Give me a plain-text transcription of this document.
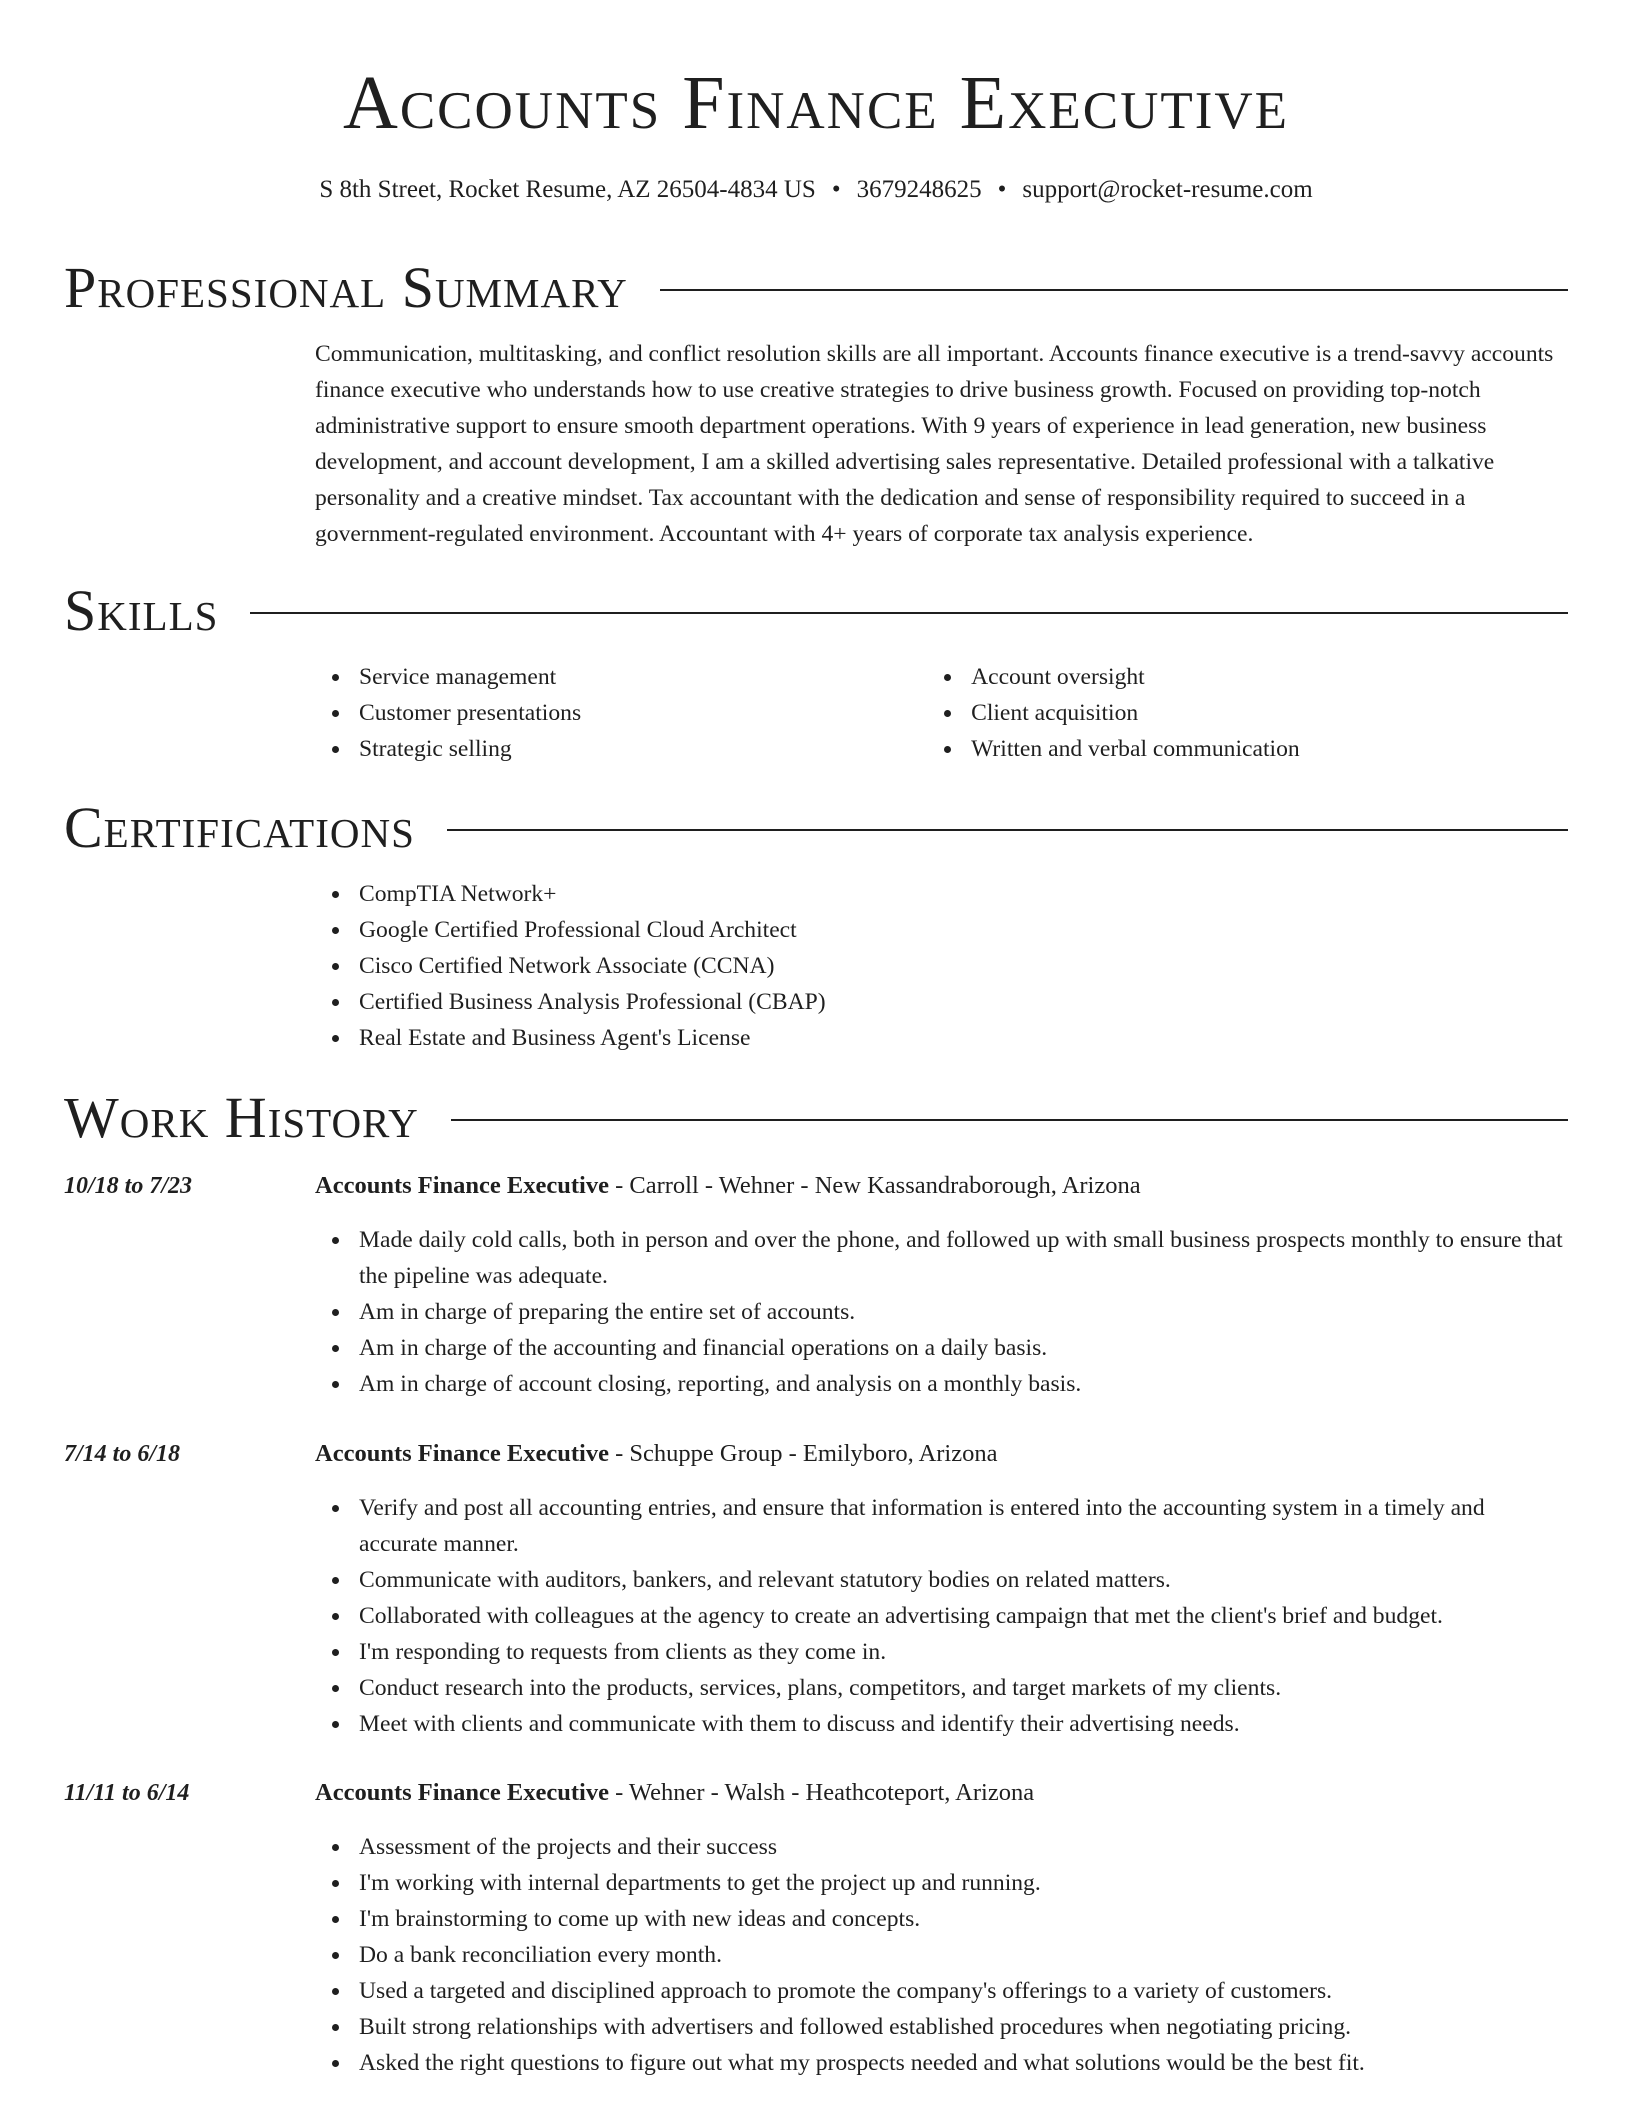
Accounts Finance Executive
S 8th Street, Rocket Resume, AZ 26504-4834 US • 3679248625 • support@rocket-resume.com
Professional Summary

Communication, multitasking, and conflict resolution skills are all important. Accounts finance executive is a trend-savvy accounts finance executive who understands how to use creative strategies to drive business growth. Focused on providing top-notch administrative support to ensure smooth department operations. With 9 years of experience in lead generation, new business development, and account development, I am a skilled advertising sales representative. Detailed professional with a talkative personality and a creative mindset. Tax accountant with the dedication and sense of responsibility required to succeed in a government-regulated environment. Accountant with 4+ years of corporate tax analysis experience.

Skills
Service management
Customer presentations
Strategic selling
Account oversight
Client acquisition
Written and verbal communication
Certifications
CompTIA Network+
Google Certified Professional Cloud Architect
Cisco Certified Network Associate (CCNA)
Certified Business Analysis Professional (CBAP)
Real Estate and Business Agent's License
Work History
10/18 to 7/23	Accounts Finance Executive - Carroll - Wehner - New Kassandraborough, Arizona
Made daily cold calls, both in person and over the phone, and followed up with small business prospects monthly to ensure that the pipeline was adequate.
Am in charge of preparing the entire set of accounts.
Am in charge of the accounting and financial operations on a daily basis.
Am in charge of account closing, reporting, and analysis on a monthly basis.
7/14 to 6/18	Accounts Finance Executive - Schuppe Group - Emilyboro, Arizona
Verify and post all accounting entries, and ensure that information is entered into the accounting system in a timely and accurate manner.
Communicate with auditors, bankers, and relevant statutory bodies on related matters.
Collaborated with colleagues at the agency to create an advertising campaign that met the client's brief and budget.
I'm responding to requests from clients as they come in.
Conduct research into the products, services, plans, competitors, and target markets of my clients.
Meet with clients and communicate with them to discuss and identify their advertising needs.
11/11 to 6/14	Accounts Finance Executive - Wehner - Walsh - Heathcoteport, Arizona
Assessment of the projects and their success
I'm working with internal departments to get the project up and running.
I'm brainstorming to come up with new ideas and concepts.
Do a bank reconciliation every month.
Used a targeted and disciplined approach to promote the company's offerings to a variety of customers.
Built strong relationships with advertisers and followed established procedures when negotiating pricing.
Asked the right questions to figure out what my prospects needed and what solutions would be the best fit.
